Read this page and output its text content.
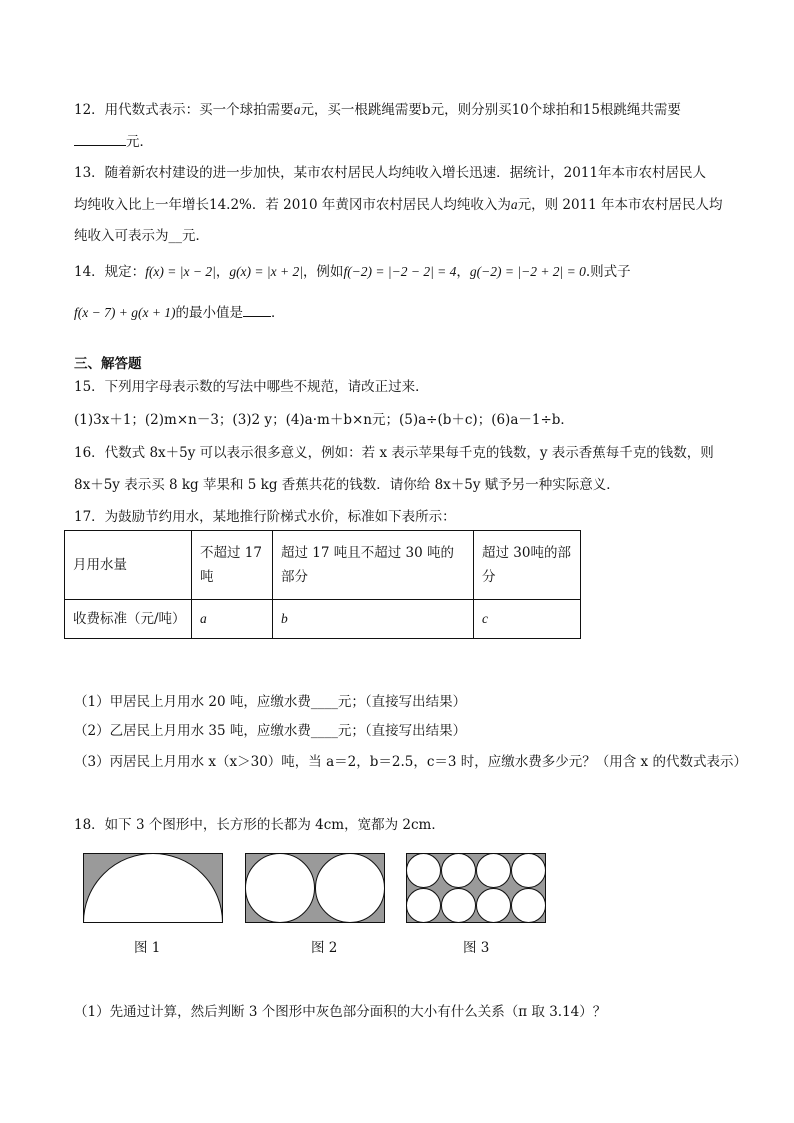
12．用代数式表示：买一个球拍需要a元，买一根跳绳需要b元，则分别买10个球拍和15根跳绳共需要
元．
13．随着新农村建设的进一步加快，某市农村居民人均纯收入增长迅速．据统计，2011年本市农村居民人
均纯收入比上一年增长14.2%．若 2010 年黄冈市农村居民人均纯收入为a元，则 2011 年本市农村居民人均
纯收入可表示为__元．
14．规定：f(x) = |x − 2|，g(x) = |x + 2|，例如f(−2) = |−2 − 2| = 4，g(−2) = |−2 + 2| = 0.则式子
f(x − 7) + g(x + 1)的最小值是 ．
三、解答题
15．下列用字母表示数的写法中哪些不规范，请改正过来．
(1)3x＋1；(2)m×n－3；(3)2 y；(4)a·m＋b×n元；(5)a÷(b＋c)；(6)a－1÷b．
16．代数式 8x＋5y 可以表示很多意义，例如：若 x 表示苹果每千克的钱数，y 表示香蕉每千克的钱数，则
8x＋5y 表示买 8 kg 苹果和 5 kg 香蕉共花的钱数．请你给 8x＋5y 赋予另一种实际意义．
17．为鼓励节约用水，某地推行阶梯式水价，标准如下表所示：
月用水量	不超过 17 吨	超过 17 吨且不超过 30 吨的部分	超过 30吨的部分
收费标准（元/吨）	a	b	c
（1）甲居民上月用水 20 吨，应缴水费____元；（直接写出结果）
（2）乙居民上月用水 35 吨，应缴水费____元；（直接写出结果）
（3）丙居民上月用水 x（x＞30）吨，当 a＝2，b＝2.5，c＝3 时，应缴水费多少元？（用含 x 的代数式表示）
18．如下 3 个图形中，长方形的长都为 4cm，宽都为 2cm．
图 1	图 2	图 3
（1）先通过计算，然后判断 3 个图形中灰色部分面积的大小有什么关系（π 取 3.14）？
